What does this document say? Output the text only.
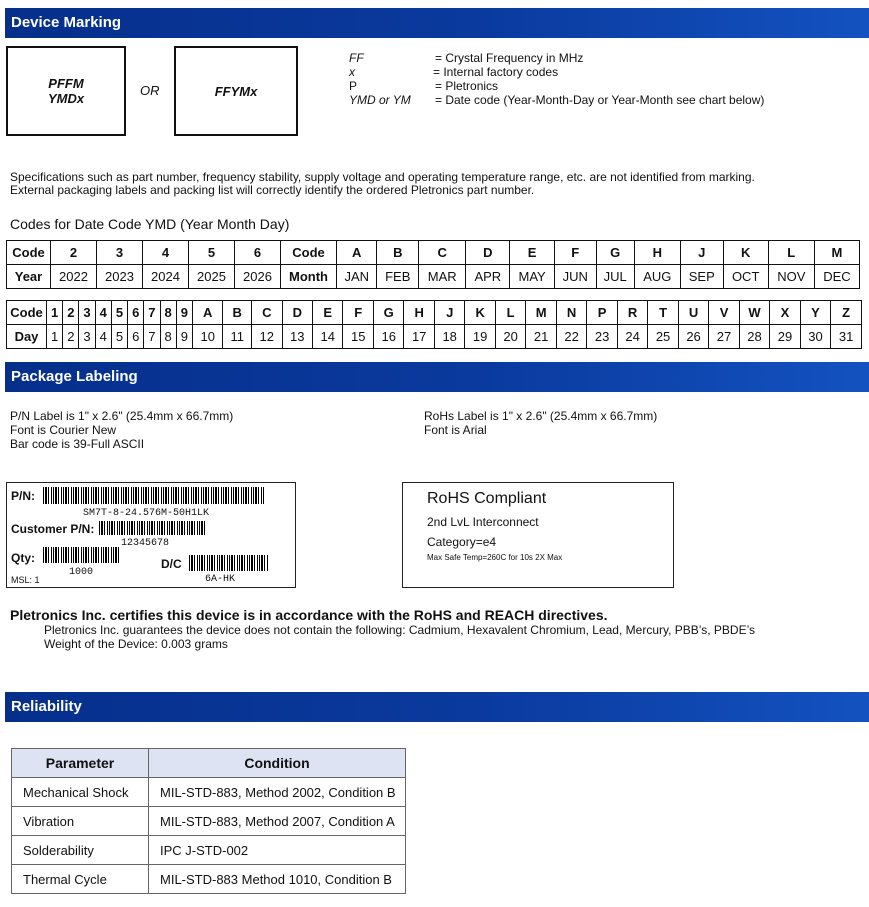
Device Marking
PFFM
YMDx
OR	FFYMx
FF	= Crystal Frequency in MHz
x	= Internal factory codes
P	= Pletronics
YMD or YM = Date code (Year-Month-Day or Year-Month see chart below)
Specifications such as part number, frequency stability, supply voltage and operating temperature range, etc. are not identified from marking.
External packaging labels and packing list will correctly identify the ordered Pletronics part number.
Codes for Date Code YMD (Year Month Day)
Code	2	3	4	5	6	Code	A	B	C	D	E	F	G	H	J	K	L	M
Year	2022	2023	2024	2025	2026	Month	JAN	FEB	MAR	APR	MAY	JUN	JUL	AUG	SEP	OCT	NOV	DEC
Code	1	2	3	4	5	6	7	8	9	A	B	C	D	E	F	G	H	J	K	L	M	N	P	R	T	U	V	W	X	Y	Z
Day	1	2	3	4	5	6	7	8	9	10	11	12	13	14	15	16	17	18	19	20	21	22	23	24	25	26	27	28	29	30	31
Package Labeling
P/N Label is 1" x 2.6" (25.4mm x 66.7mm)
Font is Courier New
Bar code is 39-Full ASCII
RoHs Label is 1" x 2.6" (25.4mm x 66.7mm)
Font is Arial
P/N:
SM7T-8-24.576M-50H1LK
Customer P/N:
12345678
Qty:
1000
D/C
6A-HK
MSL: 1
RoHS Compliant
2nd LvL Interconnect
Category=e4
Max Safe Temp=260C for 10s 2X Max
Pletronics Inc. certifies this device is in accordance with the RoHS and REACH directives.
Pletronics Inc. guarantees the device does not contain the following: Cadmium, Hexavalent Chromium, Lead, Mercury, PBB’s, PBDE’s
Weight of the Device: 0.003 grams
Reliability
Parameter	Condition
Mechanical Shock	MIL-STD-883, Method 2002, Condition B
Vibration	MIL-STD-883, Method 2007, Condition A
Solderability	IPC J-STD-002
Thermal Cycle	MIL-STD-883 Method 1010, Condition B
